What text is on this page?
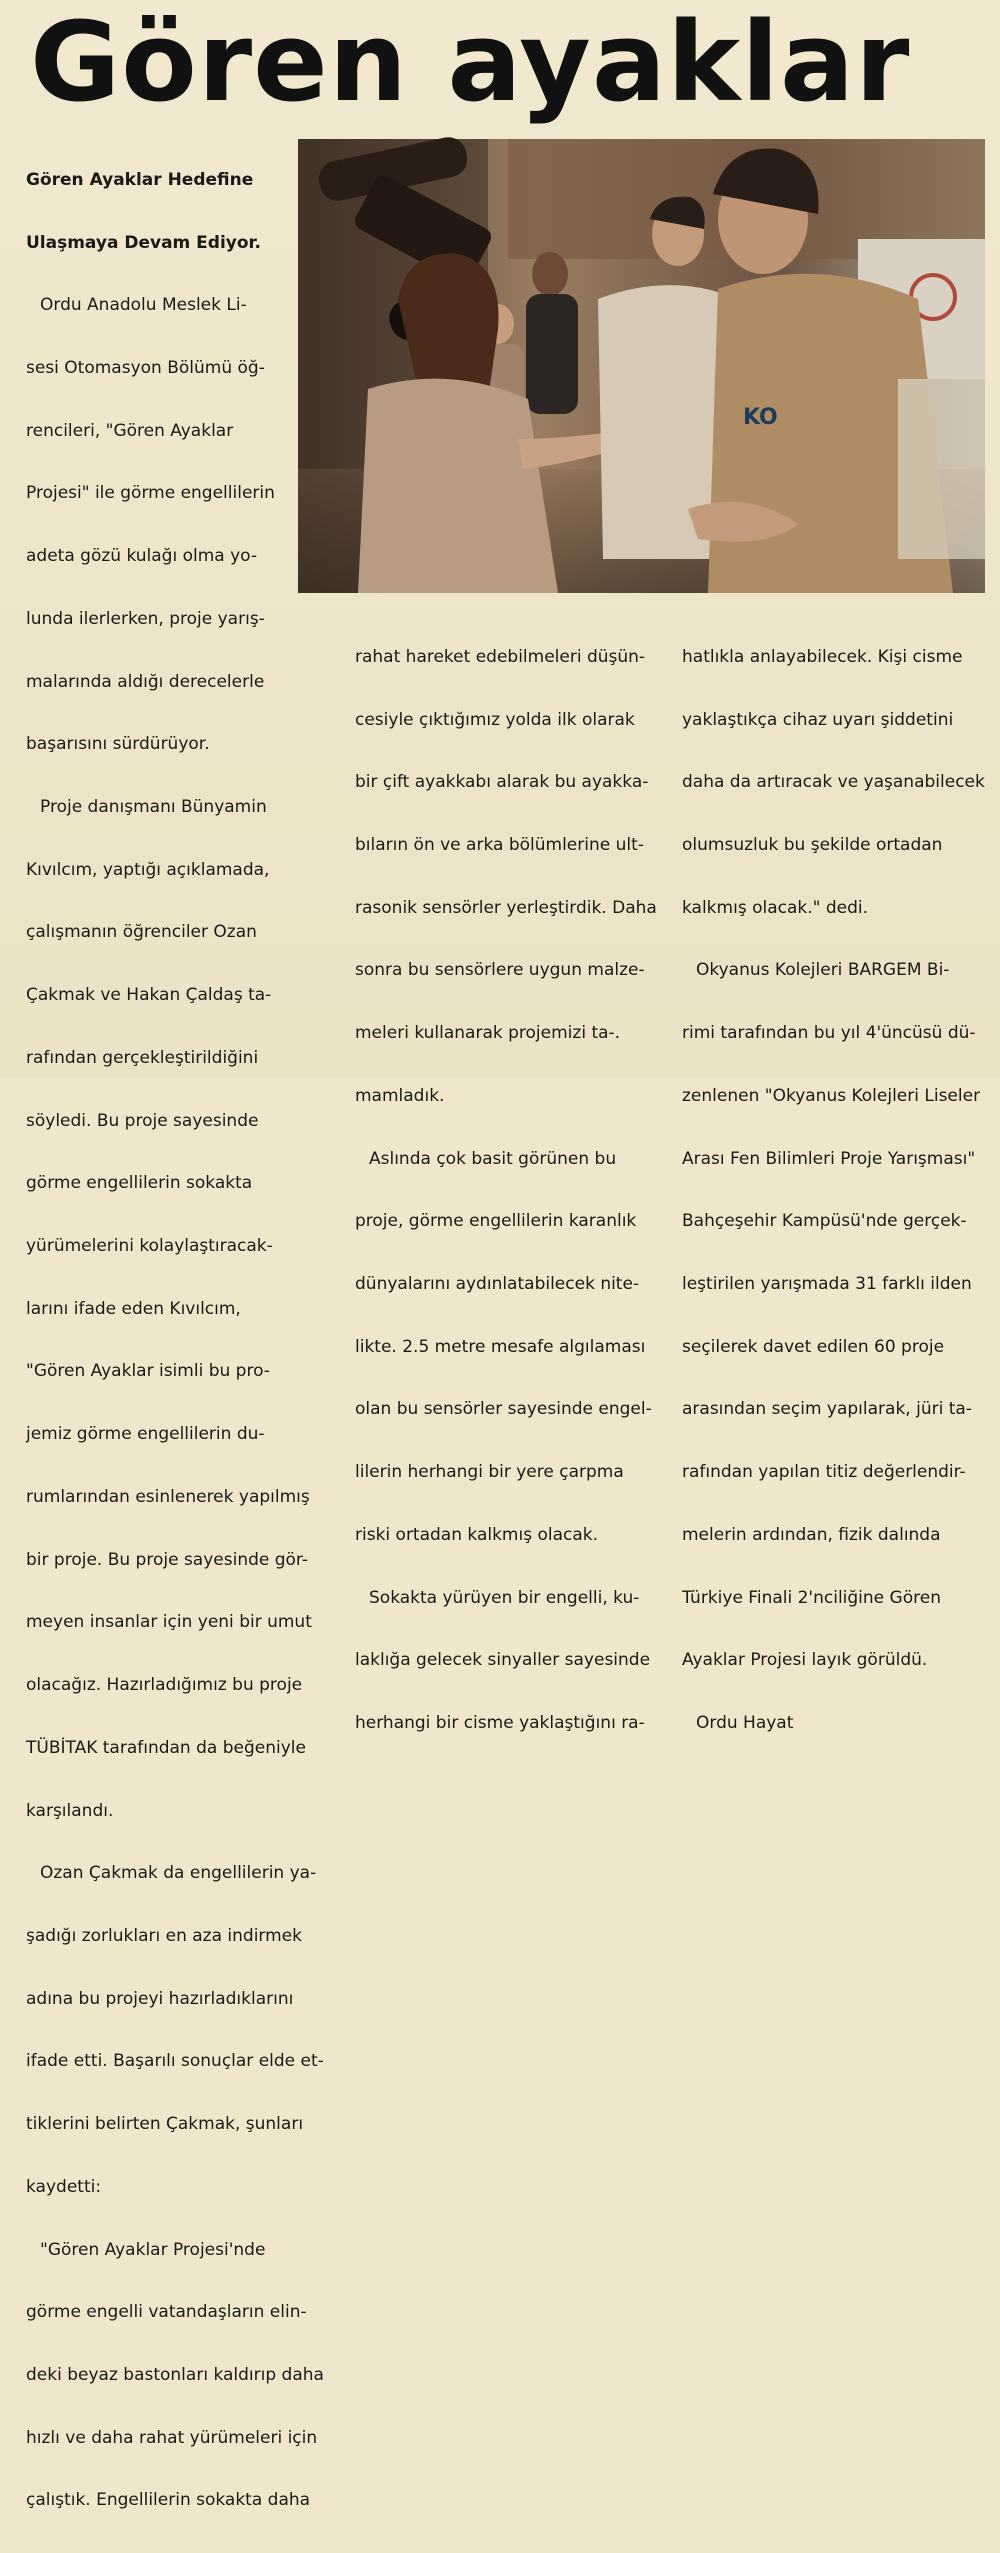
Gören ayaklar

Gören Ayaklar Hedefine

Ulaşmaya Devam Ediyor.

Ordu Anadolu Meslek Li-

sesi Otomasyon Bölümü öğ-

rencileri, "Gören Ayaklar

Projesi" ile görme engellilerin

adeta gözü kulağı olma yo-

lunda ilerlerken, proje yarış-

malarında aldığı derecelerle

başarısını sürdürüyor.

Proje danışmanı Bünyamin

Kıvılcım, yaptığı açıklamada,

çalışmanın öğrenciler Ozan

Çakmak ve Hakan Çaldaş ta-

rafından gerçekleştirildiğini

söyledi. Bu proje sayesinde

görme engellilerin sokakta

yürümelerini kolaylaştıracak-

larını ifade eden Kıvılcım,

"Gören Ayaklar isimli bu pro-

jemiz görme engellilerin du-

rumlarından esinlenerek yapılmış

bir proje. Bu proje sayesinde gör-

meyen insanlar için yeni bir umut

olacağız. Hazırladığımız bu proje

TÜBİTAK tarafından da beğeniyle

karşılandı.

Ozan Çakmak da engellilerin ya-

şadığı zorlukları en aza indirmek

adına bu projeyi hazırladıklarını

ifade etti. Başarılı sonuçlar elde et-

tiklerini belirten Çakmak, şunları

kaydetti:

"Gören Ayaklar Projesi'nde

görme engelli vatandaşların elin-

deki beyaz bastonları kaldırıp daha

hızlı ve daha rahat yürümeleri için

çalıştık. Engellilerin sokakta daha

KO

rahat hareket edebilmeleri düşün-

cesiyle çıktığımız yolda ilk olarak

bir çift ayakkabı alarak bu ayakka-

bıların ön ve arka bölümlerine ult-

rasonik sensörler yerleştirdik. Daha

sonra bu sensörlere uygun malze-

meleri kullanarak projemizi ta-.

mamladık.

Aslında çok basit görünen bu

proje, görme engellilerin karanlık

dünyalarını aydınlatabilecek nite-

likte. 2.5 metre mesafe algılaması

olan bu sensörler sayesinde engel-

lilerin herhangi bir yere çarpma

riski ortadan kalkmış olacak.

Sokakta yürüyen bir engelli, ku-

laklığa gelecek sinyaller sayesinde

herhangi bir cisme yaklaştığını ra-

hatlıkla anlayabilecek. Kişi cisme

yaklaştıkça cihaz uyarı şiddetini

daha da artıracak ve yaşanabilecek

olumsuzluk bu şekilde ortadan

kalkmış olacak." dedi.

Okyanus Kolejleri BARGEM Bi-

rimi tarafından bu yıl 4'üncüsü dü-

zenlenen "Okyanus Kolejleri Liseler

Arası Fen Bilimleri Proje Yarışması"

Bahçeşehir Kampüsü'nde gerçek-

leştirilen yarışmada 31 farklı ilden

seçilerek davet edilen 60 proje

arasından seçim yapılarak, jüri ta-

rafından yapılan titiz değerlendir-

melerin ardından, fizik dalında

Türkiye Finali 2'nciliğine Gören

Ayaklar Projesi layık görüldü.

Ordu Hayat
